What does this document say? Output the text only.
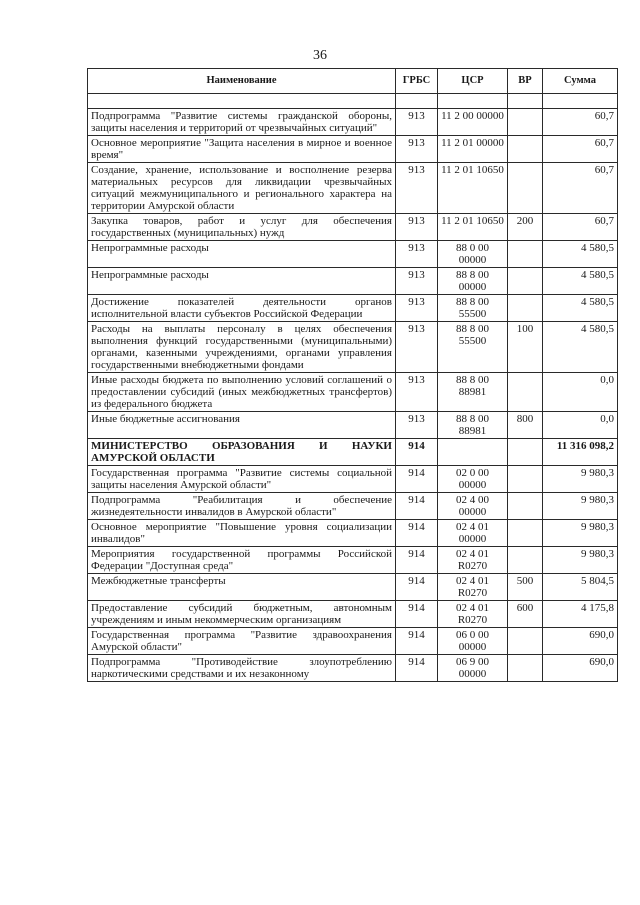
36
Наименование	ГРБС	ЦСР	ВР	Сумма

Подпрограмма "Развитие системы гражданской обороны, защиты населения и территорий от чрезвычайных ситуаций"	913	11 2 00 00000		60,7
Основное мероприятие "Защита населения в мирное и военное время"	913	11 2 01 00000		60,7
Создание, хранение, использование и восполнение резерва материальных ресурсов для ликвидации чрезвычайных ситуаций межмуниципального и регионального характера на территории Амурской области	913	11 2 01 10650		60,7
Закупка товаров, работ и услуг для обеспечения государственных (муниципальных) нужд	913	11 2 01 10650	200	60,7
Непрограммные расходы	913	88 0 00 00000		4 580,5
Непрограммные расходы	913	88 8 00 00000		4 580,5
Достижение показателей деятельности органов исполнительной власти субъектов Российской Федерации	913	88 8 00 55500		4 580,5
Расходы на выплаты персоналу в целях обеспечения выполнения функций государственными (муниципальными) органами, казенными учреждениями, органами управления государственными внебюджетными фондами	913	88 8 00 55500	100	4 580,5
Иные расходы бюджета по выполнению условий соглашений о предоставлении субсидий (иных межбюджетных трансфертов) из федерального бюджета	913	88 8 00 88981		0,0
Иные бюджетные ассигнования	913	88 8 00 88981	800	0,0
МИНИСТЕРСТВО ОБРАЗОВАНИЯ И НАУКИ АМУРСКОЙ ОБЛАСТИ	914			11 316 098,2
Государственная программа "Развитие системы социальной защиты населения Амурской области"	914	02 0 00 00000		9 980,3
Подпрограмма "Реабилитация и обеспечение жизнедеятельности инвалидов в Амурской области"	914	02 4 00 00000		9 980,3
Основное мероприятие "Повышение уровня социализации инвалидов"	914	02 4 01 00000		9 980,3
Мероприятия государственной программы Российской Федерации "Доступная среда"	914	02 4 01 R0270		9 980,3
Межбюджетные трансферты	914	02 4 01 R0270	500	5 804,5
Предоставление субсидий бюджетным, автономным учреждениям и иным некоммерческим организациям	914	02 4 01 R0270	600	4 175,8
Государственная программа "Развитие здравоохранения Амурской области"	914	06 0 00 00000		690,0
Подпрограмма "Противодействие злоупотреблению наркотическими средствами и их незаконному	914	06 9 00 00000		690,0
